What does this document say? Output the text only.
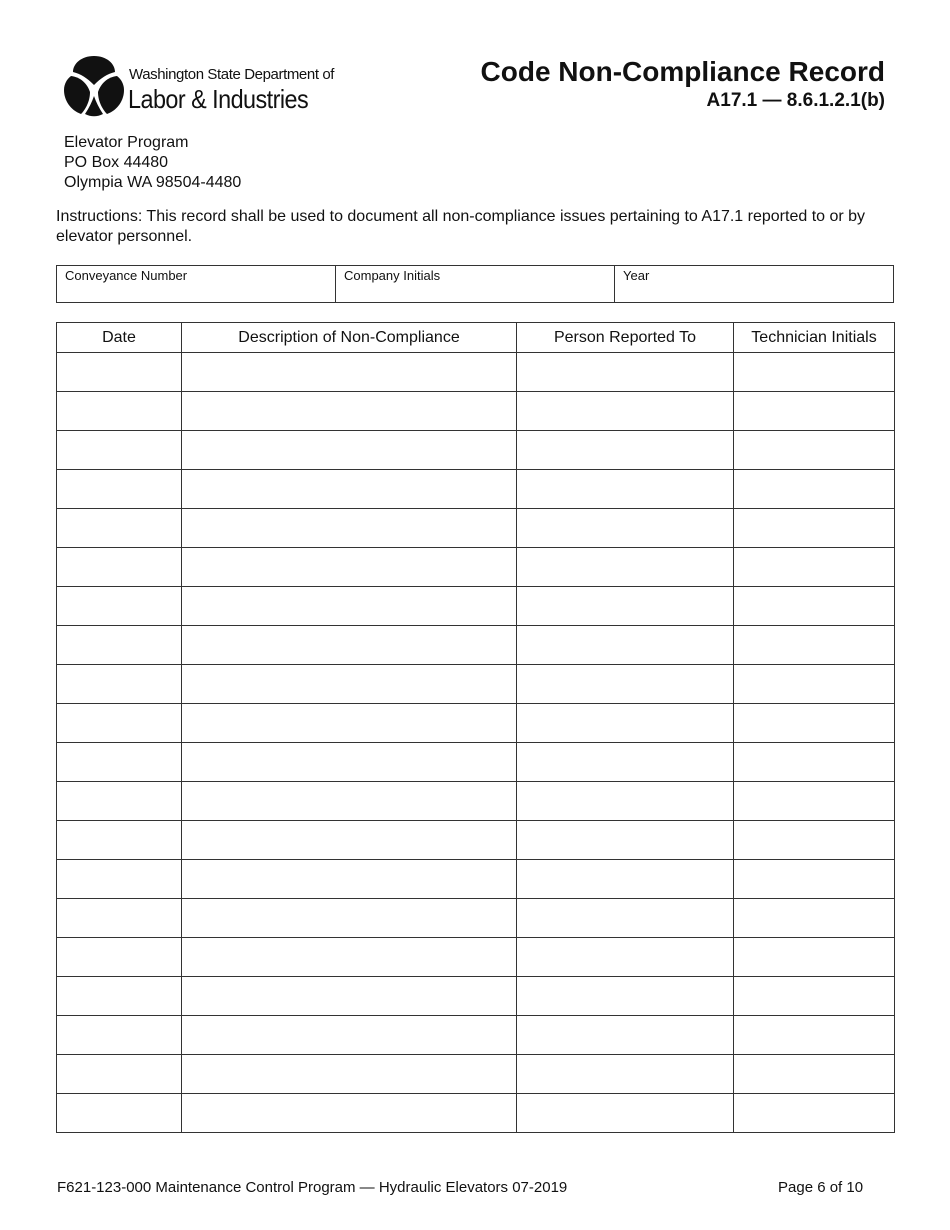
Washington State Department of
Labor & Industries
Code Non-Compliance Record
A17.1 — 8.6.1.2.1(b)
Elevator Program
PO Box 44480
Olympia WA 98504-4480
Instructions: This record shall be used to document all non-compliance issues pertaining to A17.1 reported to or by elevator personnel.
Conveyance Number	Company Initials	Year
Date	Description of Non-Compliance	Person Reported To	Technician Initials

F621-123-000 Maintenance Control Program — Hydraulic Elevators 07-2019	Page 6 of 10
